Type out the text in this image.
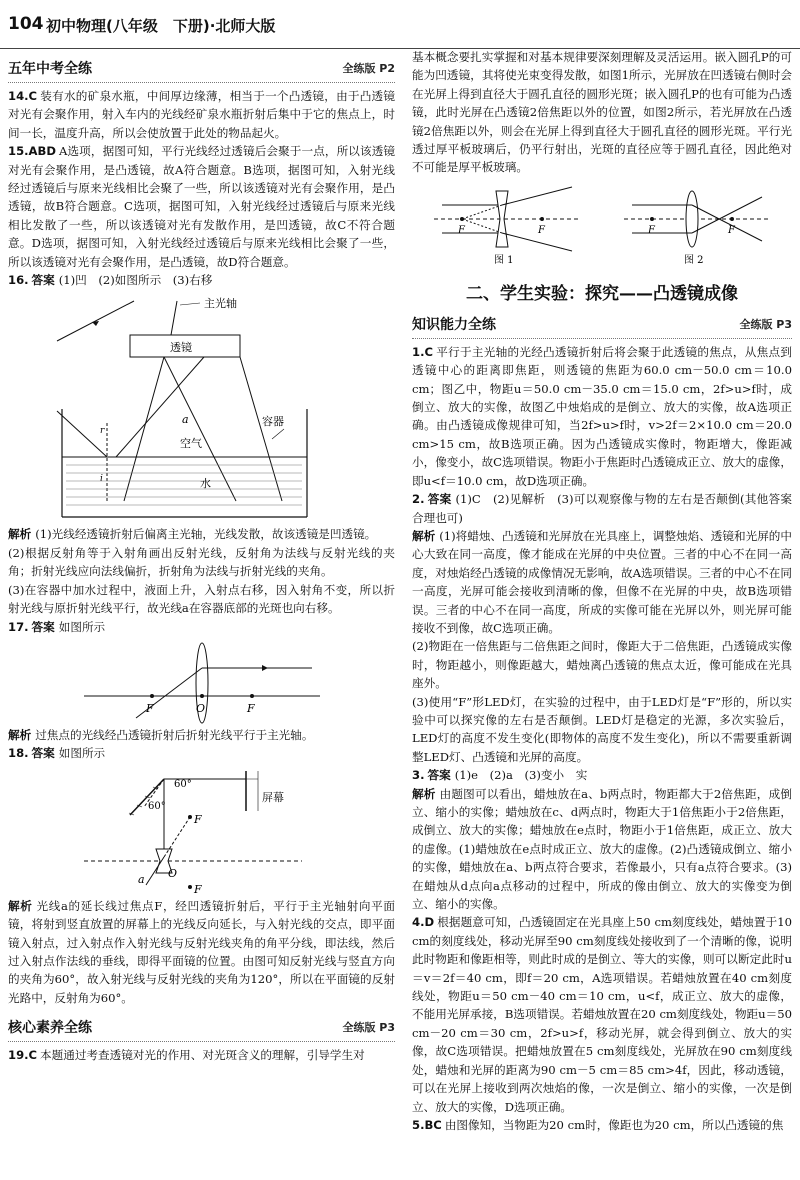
104 初中物理(八年级　下册)·北师大版
五年中考全练	全练版 P2

14.C 装有水的矿泉水瓶，中间厚边缘薄，相当于一个凸透镜，由于凸透镜对光有会聚作用，射入车内的光线经矿泉水瓶折射后集中于它的焦点上，时间一长，温度升高，所以会使放置于此处的物品起火。

15.ABD A选项，据图可知，平行光线经过透镜后会聚于一点，所以该透镜对光有会聚作用，是凸透镜，故A符合题意。B选项，据图可知，入射光线经过透镜后与原来光线相比会聚了一些，所以该透镜对光有会聚作用，是凸透镜，故B符合题意。C选项，据图可知，入射光线经过透镜后与原来光线相比发散了一些，所以该透镜对光有发散作用，是凹透镜，故C不符合题意。D选项，据图可知，入射光线经过透镜后与原来光线相比会聚了一些，所以该透镜对光有会聚作用，是凸透镜，故D符合题意。

16. 答案 (1)凹　(2)如图所示　(3)右移

主光轴
透镜
a	容器
空气
r
i	水

解析 (1)光线经透镜折射后偏离主光轴，光线发散，故该透镜是凹透镜。

(2)根据反射角等于入射角画出反射光线，反射角为法线与反射光线的夹角；折射光线应向法线偏折，折射角为法线与折射光线的夹角。

(3)在容器中加水过程中，液面上升，入射点右移，因入射角不变，所以折射光线与原折射光线平行，故光线a在容器底部的光斑也向右移。

17. 答案 如图所示

F	O	F

解析 过焦点的光线经凸透镜折射后折射光线平行于主光轴。

18. 答案 如图所示

屏幕
60°
60°
F
O
F
a

解析 光线a的延长线过焦点F，经凹透镜折射后，平行于主光轴射向平面镜，将射到竖直放置的屏幕上的光线反向延长，与入射光线的交点，即平面镜入射点，过入射点作入射光线与反射光线夹角的角平分线，即法线，然后过入射点作法线的垂线，即得平面镜的位置。由图可知反射光线与竖直方向的夹角为60°，故入射光线与反射光线的夹角为120°，所以在平面镜的反射光路中，反射角为60°。

核心素养全练	全练版 P3

19.C 本题通过考查透镜对光的作用、对光斑含义的理解，引导学生对

基本概念要扎实掌握和对基本规律要深刻理解及灵活运用。嵌入圆孔P的可能为凹透镜，其将使光束变得发散，如图1所示，光屏放在凹透镜右侧时会在光屏上得到直径大于圆孔直径的圆形光斑；嵌入圆孔P的也有可能为凸透镜，此时光屏在凸透镜2倍焦距以外的位置，如图2所示，若光屏放在凸透镜2倍焦距以外，则会在光屏上得到直径大于圆孔直径的圆形光斑。平行光透过厚平板玻璃后，仍平行射出，光斑的直径应等于圆孔直径，因此绝对不可能是厚平板玻璃。

F	F
图 1
F	F
图 2
二、学生实验：探究——凸透镜成像
知识能力全练	全练版 P3

1.C 平行于主光轴的光经凸透镜折射后将会聚于此透镜的焦点，从焦点到透镜中心的距离即焦距，则透镜的焦距为60.0 cm－50.0 cm＝10.0 cm；图乙中，物距u＝50.0 cm－35.0 cm＝15.0 cm，2f>u>f时，成倒立、放大的实像，故图乙中烛焰成的是倒立、放大的实像，故A选项正确。由凸透镜成像规律可知，当2f>u>f时，v>2f＝2×10.0 cm＝20.0 cm>15 cm，故B选项正确。因为凸透镜成实像时，物距增大，像距减小，像变小，故C选项错误。物距小于焦距时凸透镜成正立、放大的虚像，即u<f＝10.0 cm，故D选项正确。

2. 答案 (1)C　(2)见解析　(3)可以观察像与物的左右是否颠倒(其他答案合理也可)

解析 (1)将蜡烛、凸透镜和光屏放在光具座上，调整烛焰、透镜和光屏的中心大致在同一高度，像才能成在光屏的中央位置。三者的中心不在同一高度，对烛焰经凸透镜的成像情况无影响，故A选项错误。三者的中心不在同一高度，光屏可能会接收到清晰的像，但像不在光屏的中央，故B选项错误。三者的中心不在同一高度，所成的实像可能在光屏以外，则光屏可能接收不到像，故C选项正确。

(2)物距在一倍焦距与二倍焦距之间时，像距大于二倍焦距，凸透镜成实像时，物距越小，则像距越大，蜡烛离凸透镜的焦点太近，像可能成在光具座外。

(3)使用“F”形LED灯，在实验的过程中，由于LED灯是“F”形的，所以实验中可以探究像的左右是否颠倒。LED灯是稳定的光源，多次实验后，LED灯的高度不发生变化(即物体的高度不发生变化)，所以不需要重新调整LED灯、凸透镜和光屏的高度。

3. 答案 (1)e　(2)a　(3)变小　实

解析 由题图可以看出，蜡烛放在a、b两点时，物距都大于2倍焦距，成倒立、缩小的实像；蜡烛放在c、d两点时，物距大于1倍焦距小于2倍焦距，成倒立、放大的实像；蜡烛放在e点时，物距小于1倍焦距，成正立、放大的虚像。(1)蜡烛放在e点时成正立、放大的虚像。(2)凸透镜成倒立、缩小的实像，蜡烛放在a、b两点符合要求，若像最小，只有a点符合要求。(3)在蜡烛从d点向a点移动的过程中，所成的像由倒立、放大的实像变为倒立、缩小的实像。

4.D 根据题意可知，凸透镜固定在光具座上50 cm刻度线处，蜡烛置于10 cm的刻度线处，移动光屏至90 cm刻度线处接收到了一个清晰的像，说明此时物距和像距相等，则此时成的是倒立、等大的实像，则可以断定此时u＝v＝2f＝40 cm，即f＝20 cm，A选项错误。若蜡烛放置在40 cm刻度线处，物距u＝50 cm－40 cm＝10 cm，u<f，成正立、放大的虚像，不能用光屏承接，B选项错误。若蜡烛放置在20 cm刻度线处，物距u＝50 cm－20 cm＝30 cm，2f>u>f，移动光屏，就会得到倒立、放大的实像，故C选项错误。把蜡烛放置在5 cm刻度线处，光屏放在90 cm刻度线处，蜡烛和光屏的距离为90 cm－5 cm＝85 cm>4f，因此，移动透镜，可以在光屏上接收到两次烛焰的像，一次是倒立、缩小的实像，一次是倒立、放大的实像，D选项正确。

5.BC 由图像知，当物距为20 cm时，像距也为20 cm，所以凸透镜的焦
